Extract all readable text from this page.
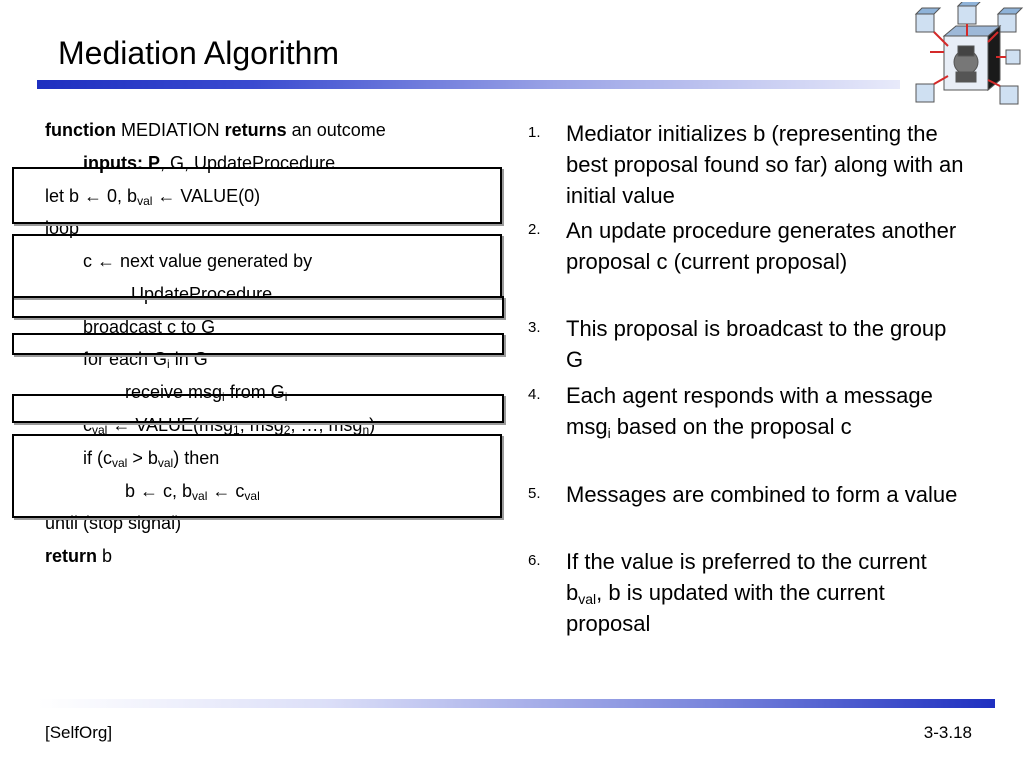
Mediation Algorithm
function MEDIATION returns an outcome
inputs: P, G, UpdateProcedure
let b ← 0, $b_{val}$ ← VALUE(0)
loop
c ← next value generated by
UpdateProcedure
broadcast c to G
for each $G_i$ in G
receive msg$_i$ from $G_i$
$c_{val}$ ← VALUE(msg$_1$, msg$_2$, …, msg$_n$)
if $(c_{val} > b_{val})$ then
b ← c, $b_{val}$ ← $c_{val}$
until (stop signal)
return b
1. Mediator initializes b (representing the best proposal found so far) along with an initial value
2. An update procedure generates another proposal c (current proposal)
3. This proposal is broadcast to the group G
4. Each agent responds with a message msg$_i$ based on the proposal c
5. Messages are combined to form a value
6. If the value is preferred to the current $b_{val}$, b is updated with the current proposal
[SelfOrg]	3-3.18
